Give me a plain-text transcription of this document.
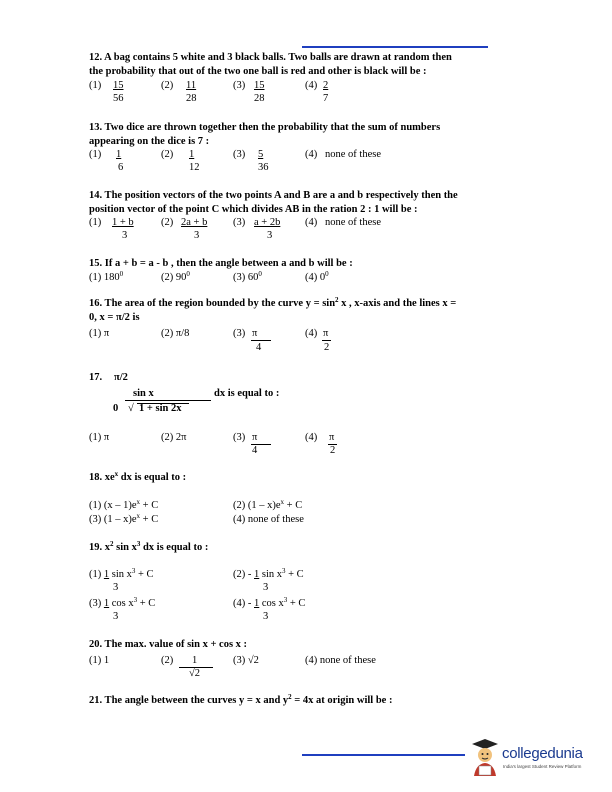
12. A bag contains 5 white and 3 black balls. Two balls are drawn at random then
the probability that out of the two one ball is red and other is black will be :
(1) 15
56
(2) 11
28
(3) 15
28
(4) 2
7
13. Two dice are thrown together then the probability that the sum of numbers
appearing on the dice is 7 :
(1) 1
6
(2) 1
12
(3) 5
36
(4) none of these
14. The position vectors of the two points A and B are a and b respectively then the
position vector of the point C which divides AB in the ration 2 : 1 will be :
(1) 1 + b
3
(2) 2a + b
3
(3) a + 2b
3
(4) none of these
15. If a + b = a - b , then the angle between a and b will be :
(1) $180^0$	(2) $90^0$	(3) $60^0$	(4) $0^0$
16. The area of the region bounded by the curve $y = \sin^2 x$ , x-axis and the lines x =
0, x = π/2 is
(1) π	(2) π/8	(3) π
4
(4) π
2
17. π/2
sin x
0 √ 1 + sin 2x
dx is equal to :
(1) π	(2) 2π	(3) π
4
(4) π
2
18. $xe^x$ dx is equal to :
(1) $(x - 1)e^x + C$	(2) $(1 - x)e^x + C$
(3) $(1 - x)e^x + C$	(4) none of these
19. $x^2$ $\sin x^3$ dx is equal to :
(1) 1 $\sin x^3 + C$
3
(2) - 1 $\sin x^3 + C$
3
(3) 1 $\cos x^3 + C$
3
(4) - 1 $\cos x^3 + C$
3
20. The max. value of sin x + cos x :
(1) 1	(2) 1
√2
(3) √2	(4) none of these
21. The angle between the curves y = x and $y^2 = 4x$ at origin will be :
collegedunia
India's largest Student Review Platform
